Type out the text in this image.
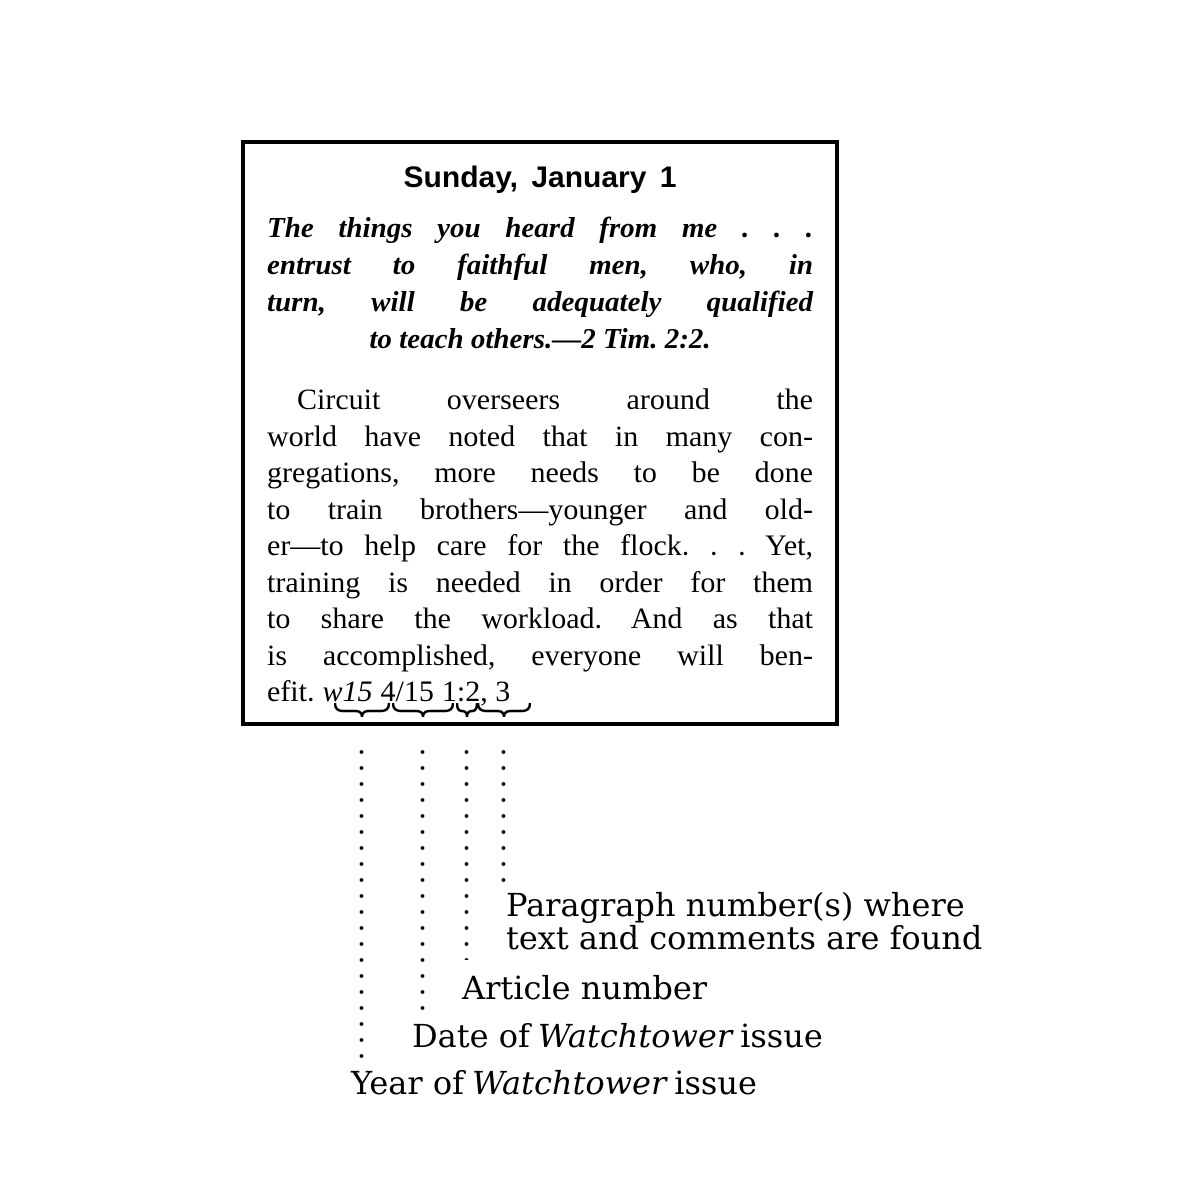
Sunday, January 1
The things you heard from me . . .
entrust to faithful men, who, in
turn, will be adequately qualified
to teach others.—2 Tim. 2:2.
Circuit overseers around the
world have noted that in many con-
gregations, more needs to be done
to train brothers—younger and old-
er—to help care for the flock. . . Yet,
training is needed in order for them
to share the workload. And as that
is accomplished, everyone will ben-
efit. w15 4/15 1:2, 3
Paragraph number(s) where
text and comments are found
Article number
Date of Watchtower issue
Year of Watchtower issue
